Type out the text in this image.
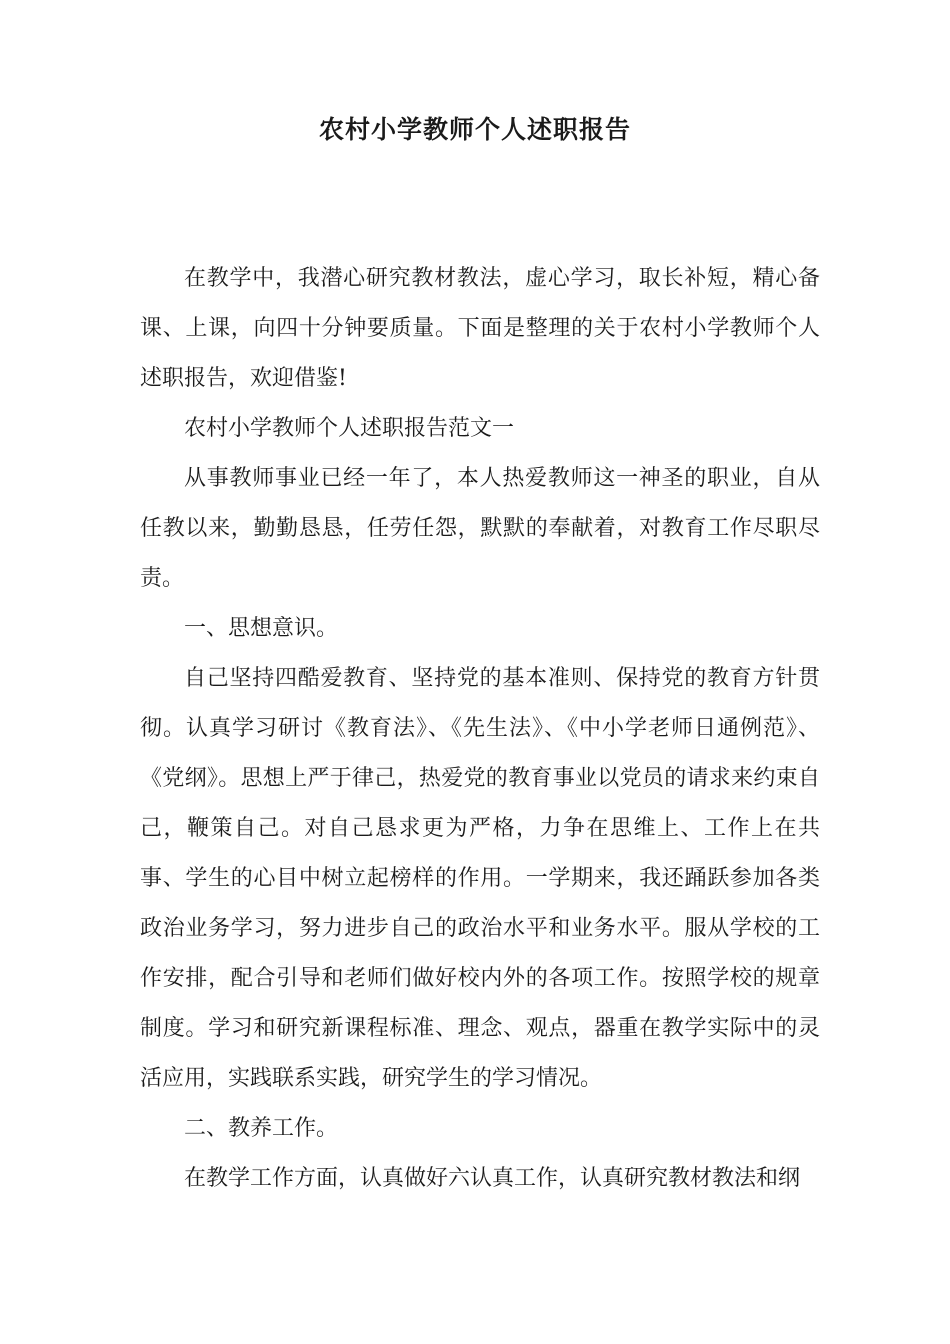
农村小学教师个人述职报告

在教学中，我潜心研究教材教法，虚心学习，取长补短，精心备课、上课，向四十分钟要质量。下面是整理的关于农村小学教师个人述职报告，欢迎借鉴!

农村小学教师个人述职报告范文一

从事教师事业已经一年了，本人热爱教师这一神圣的职业，自从任教以来，勤勤恳恳，任劳任怨，默默的奉献着，对教育工作尽职尽责。

一、思想意识。

自己坚持四酷爱教育、坚持党的基本准则、保持党的教育方针贯彻。认真学习研讨《教育法》、《先生法》、《中小学老师日通例范》、《党纲》。思想上严于律己，热爱党的教育事业以党员的请求来约束自己，鞭策自己。对自己恳求更为严格，力争在思维上、工作上在共事、学生的心目中树立起榜样的作用。一学期来，我还踊跃参加各类政治业务学习，努力进步自己的政治水平和业务水平。服从学校的工作安排，配合引导和老师们做好校内外的各项工作。按照学校的规章制度。学习和研究新课程标准、理念、观点，器重在教学实际中的灵活应用，实践联系实践，研究学生的学习情况。

二、教养工作。

在教学工作方面，认真做好六认真工作，认真研究教材教法和纲
